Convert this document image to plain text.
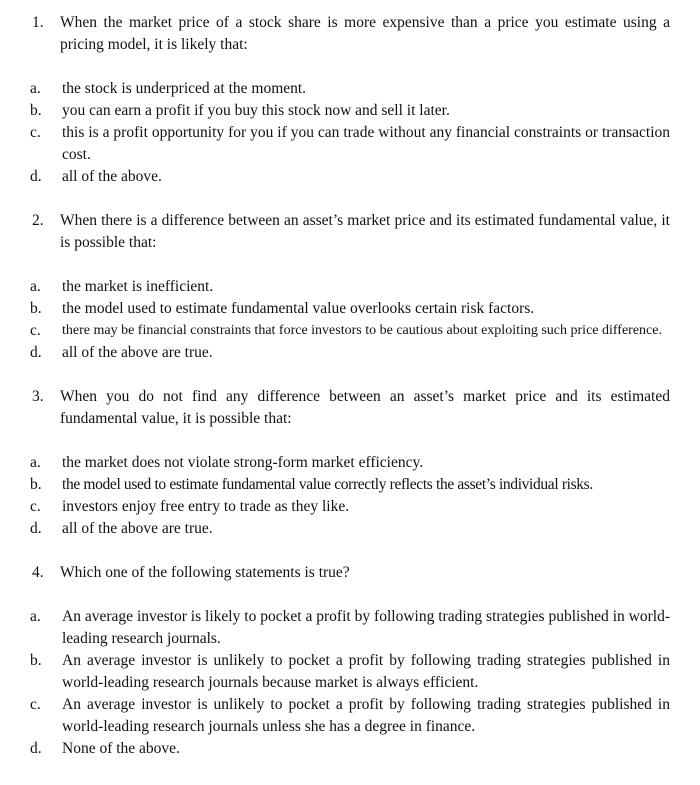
1.	When the market price of a stock share is more expensive than a price you estimate using a pricing model, it is likely that:
a.	the stock is underpriced at the moment.
b.	you can earn a profit if you buy this stock now and sell it later.
c.	this is a profit opportunity for you if you can trade without any financial constraints or transaction cost.
d.	all of the above.
2.	When there is a difference between an asset’s market price and its estimated fundamental value, it is possible that:
a.	the market is inefficient.
b.	the model used to estimate fundamental value overlooks certain risk factors.
c.	there may be financial constraints that force investors to be cautious about exploiting such price difference.
d.	all of the above are true.
3.	When you do not find any difference between an asset’s market price and its estimated fundamental value, it is possible that:
a.	the market does not violate strong-form market efficiency.
b.	the model used to estimate fundamental value correctly reflects the asset’s individual risks.
c.	investors enjoy free entry to trade as they like.
d.	all of the above are true.
4.	Which one of the following statements is true?
a.	An average investor is likely to pocket a profit by following trading strategies published in world-leading research journals.
b.	An average investor is unlikely to pocket a profit by following trading strategies published in world-leading research journals because market is always efficient.
c.	An average investor is unlikely to pocket a profit by following trading strategies published in world-leading research journals unless she has a degree in finance.
d.	None of the above.
